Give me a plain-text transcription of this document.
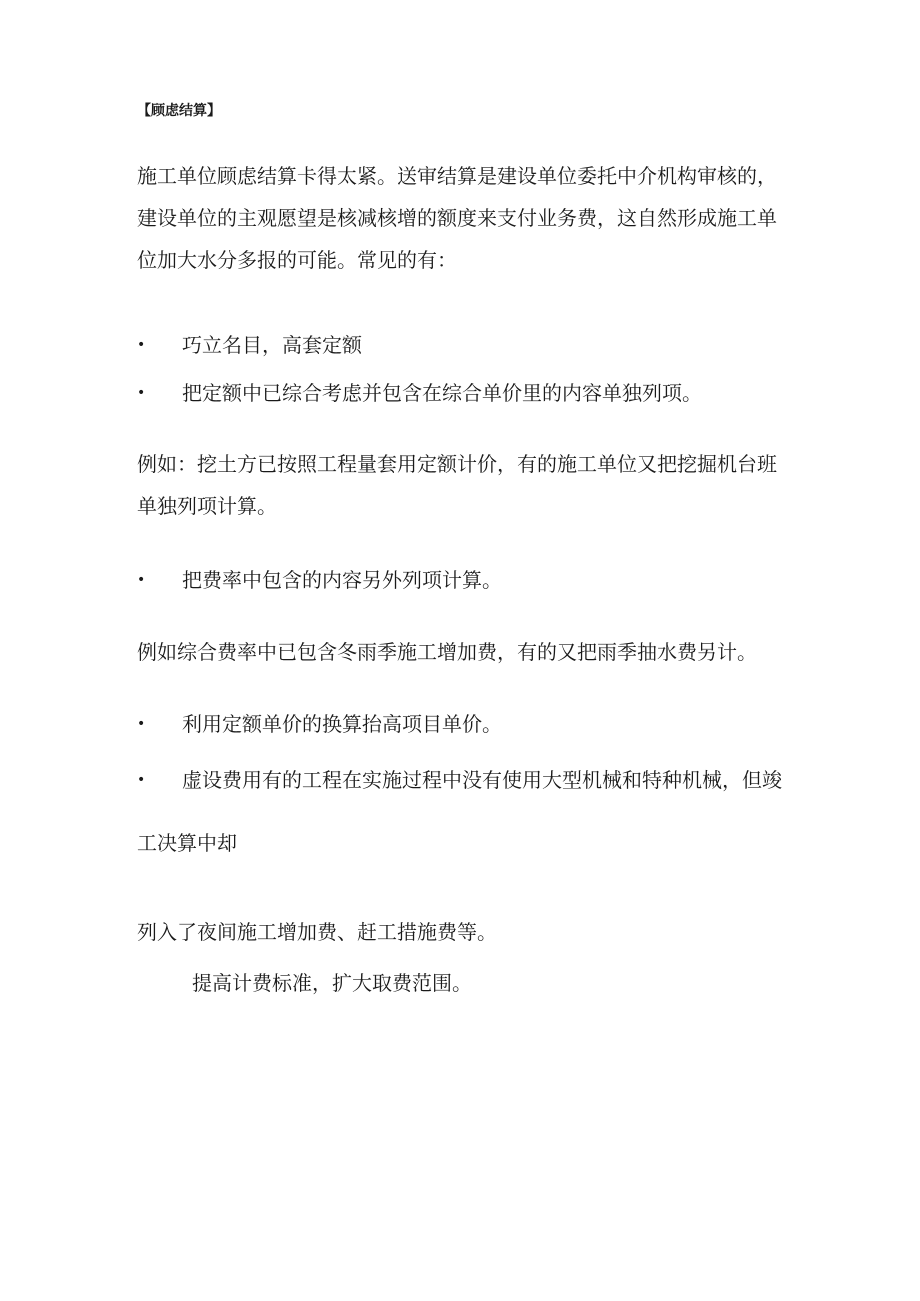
【顾虑结算】
施工单位顾虑结算卡得太紧。送审结算是建设单位委托中介机构审核的，
建设单位的主观愿望是核减核增的额度来支付业务费，这自然形成施工单
位加大水分多报的可能。常见的有：
• 巧立名目，高套定额
• 把定额中已综合考虑并包含在综合单价里的内容单独列项。
例如：挖土方已按照工程量套用定额计价，有的施工单位又把挖掘机台班
单独列项计算。
• 把费率中包含的内容另外列项计算。
例如综合费率中已包含冬雨季施工增加费，有的又把雨季抽水费另计。
• 利用定额单价的换算抬高项目单价。
• 虚设费用有的工程在实施过程中没有使用大型机械和特种机械，但竣
工决算中却
列入了夜间施工增加费、赶工措施费等。
提高计费标准，扩大取费范围。
